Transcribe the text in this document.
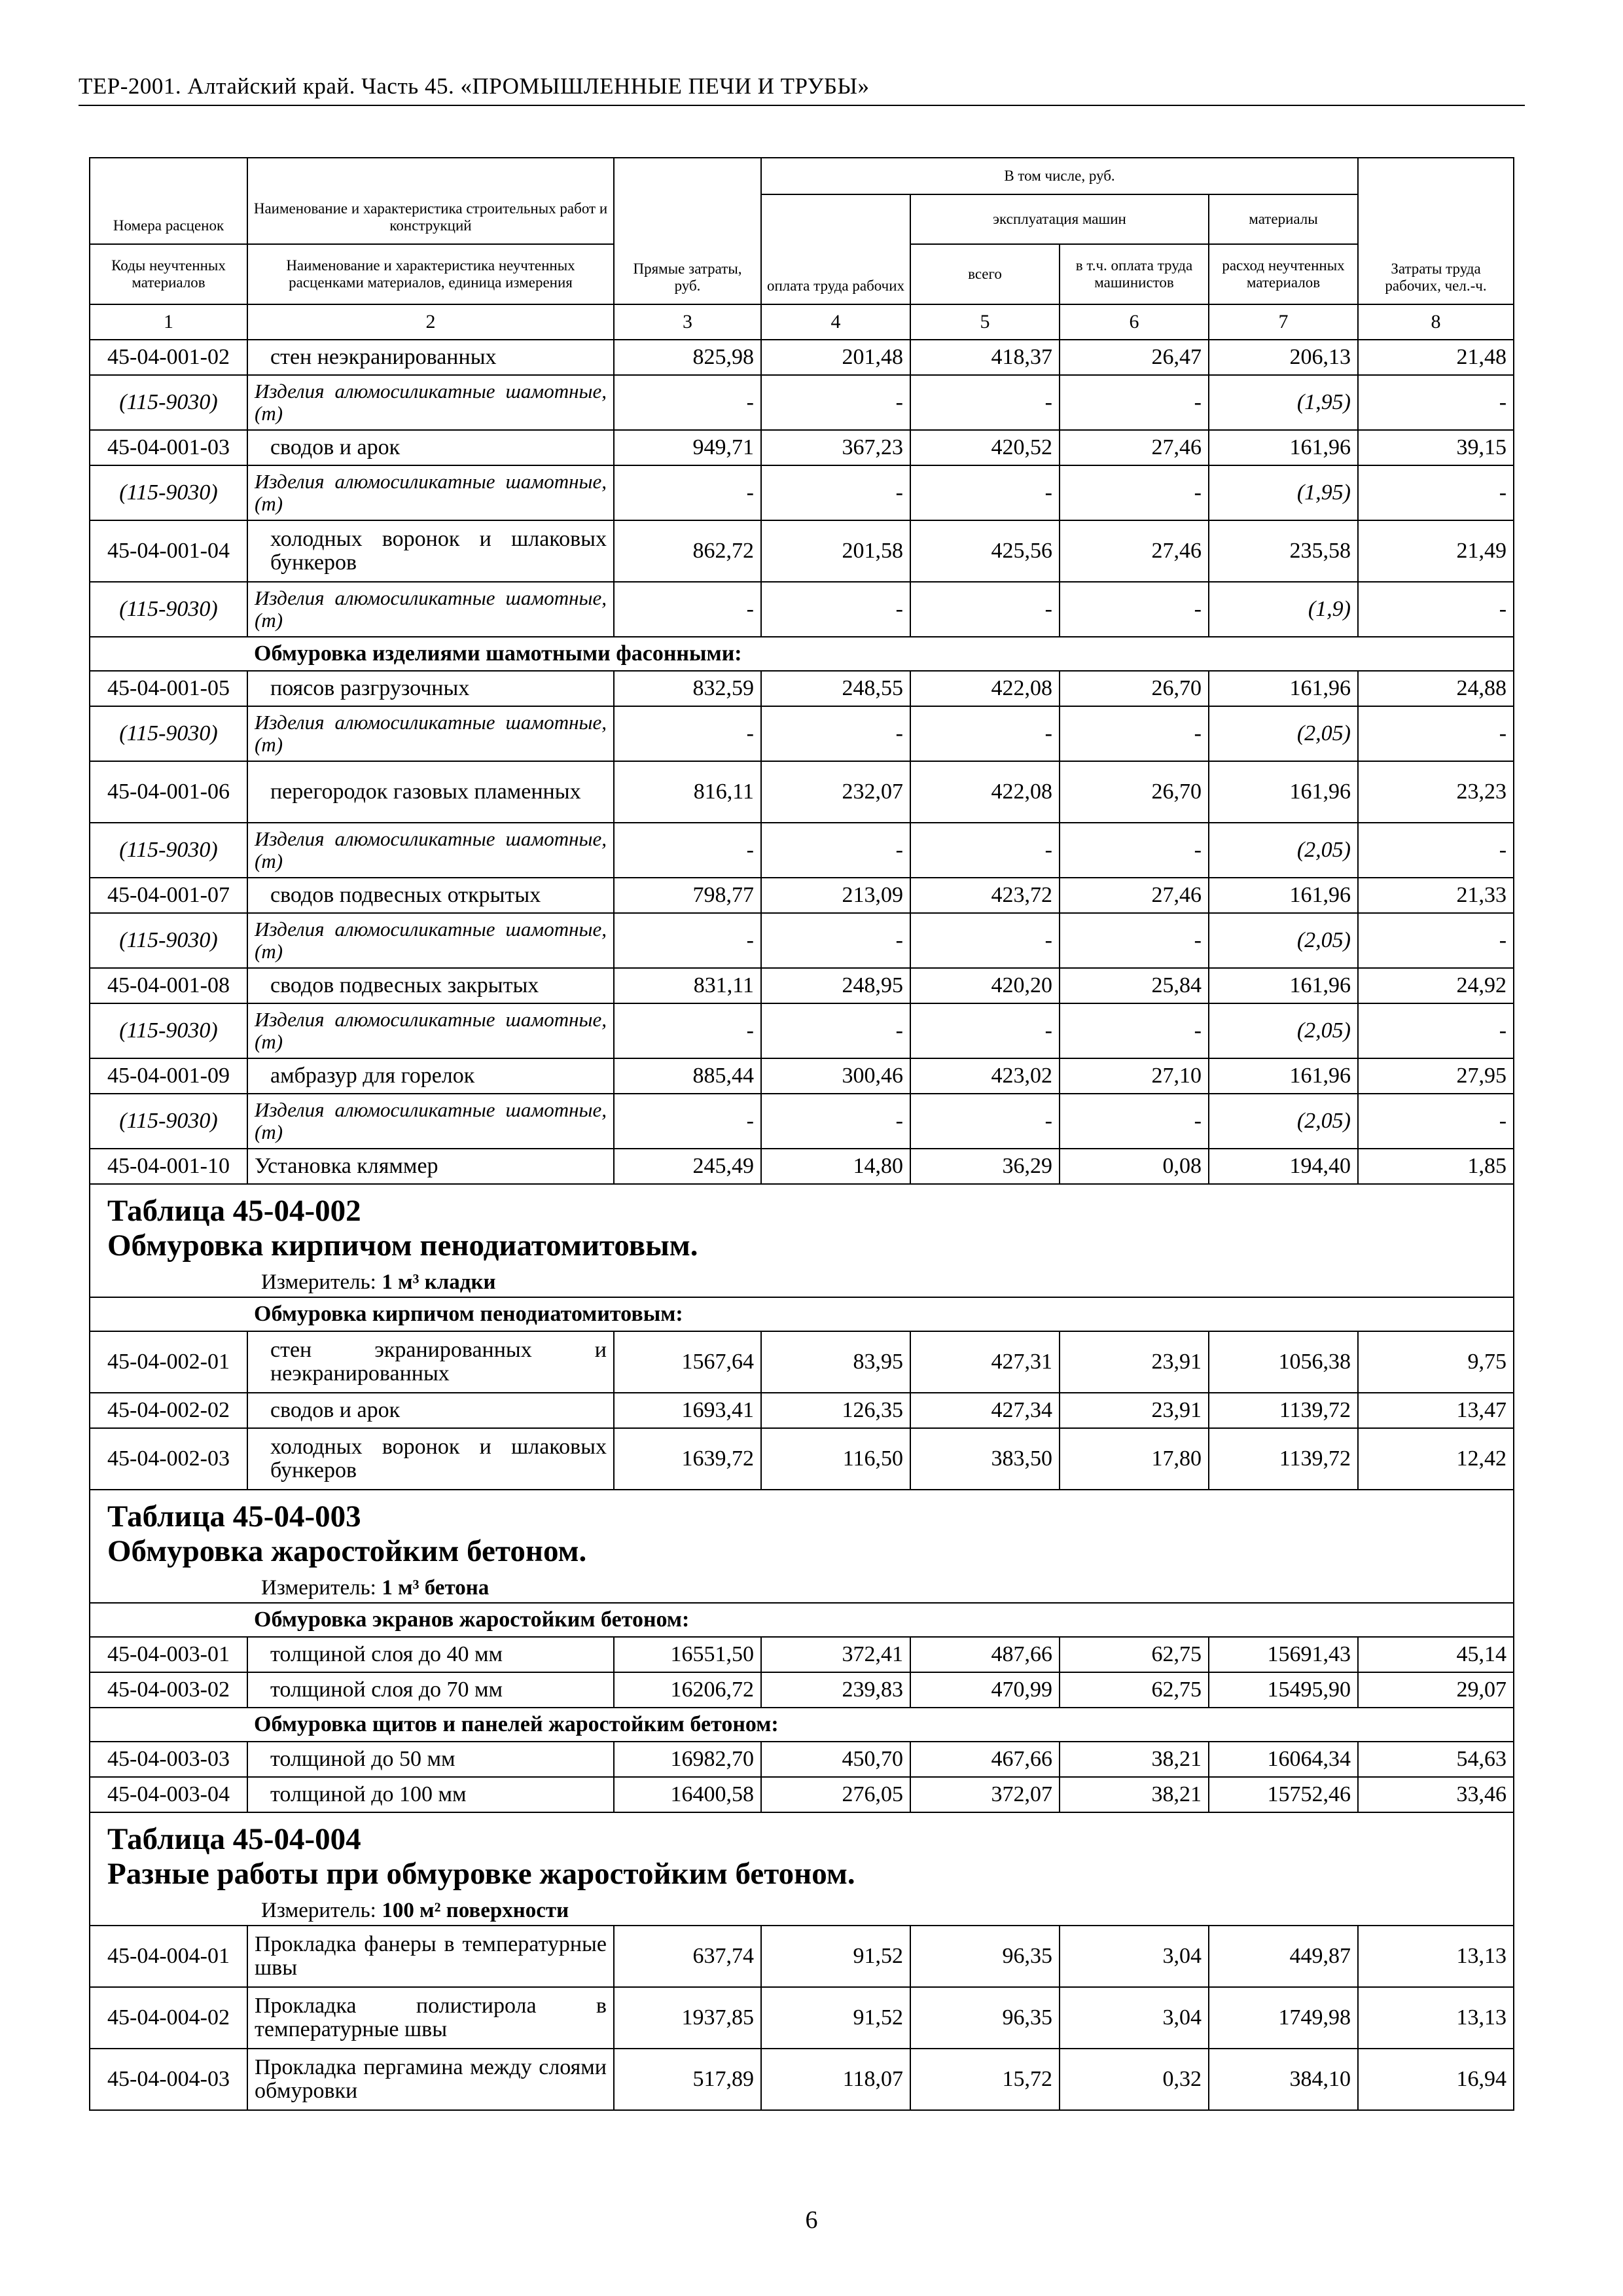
ТЕР-2001. Алтайский край. Часть 45. «ПРОМЫШЛЕННЫЕ ПЕЧИ И ТРУБЫ»
Номера расценок	Наименование и характеристика строительных работ и конструкций	Прямые затраты, руб.	В том числе, руб.				Затраты труда рабочих, чел.-ч.
			оплата труда рабочих	эксплуатация машин		материалы	
Коды неучтенных материалов	Наименование и характеристика неучтенных расценками материалов, единица измерения			всего	в т.ч. оплата труда машинистов	расход неучтенных материалов	
1	2	3	4	5	6	7	8
45-04-001-02	стен неэкранированных	825,98	201,48	418,37	26,47	206,13	21,48
(115-9030)	Изделия алюмосиликатные шамотные, (т)	-	-	-	-	(1,95)	-
45-04-001-03	сводов и арок	949,71	367,23	420,52	27,46	161,96	39,15
(115-9030)	Изделия алюмосиликатные шамотные, (т)	-	-	-	-	(1,95)	-
45-04-001-04	холодных воронок и шлаковых бункеров	862,72	201,58	425,56	27,46	235,58	21,49
(115-9030)	Изделия алюмосиликатные шамотные, (т)	-	-	-	-	(1,9)	-
	Обмуровка изделиями шамотными фасонными:						
45-04-001-05	поясов разгрузочных	832,59	248,55	422,08	26,70	161,96	24,88
(115-9030)	Изделия алюмосиликатные шамотные, (т)	-	-	-	-	(2,05)	-
45-04-001-06	перегородок газовых пламенных	816,11	232,07	422,08	26,70	161,96	23,23
(115-9030)	Изделия алюмосиликатные шамотные, (т)	-	-	-	-	(2,05)	-
45-04-001-07	сводов подвесных открытых	798,77	213,09	423,72	27,46	161,96	21,33
(115-9030)	Изделия алюмосиликатные шамотные, (т)	-	-	-	-	(2,05)	-
45-04-001-08	сводов подвесных закрытых	831,11	248,95	420,20	25,84	161,96	24,92
(115-9030)	Изделия алюмосиликатные шамотные, (т)	-	-	-	-	(2,05)	-
45-04-001-09	амбразур для горелок	885,44	300,46	423,02	27,10	161,96	27,95
(115-9030)	Изделия алюмосиликатные шамотные, (т)	-	-	-	-	(2,05)	-
45-04-001-10	Установка кляммер	245,49	14,80	36,29	0,08	194,40	1,85
Таблица 45-04-002Обмуровка кирпичом пенодиатомитовым.							
Измеритель: 1 м³ кладки							
	Обмуровка кирпичом пенодиатомитовым:						
45-04-002-01	стен экранированных и неэкранированных	1567,64	83,95	427,31	23,91	1056,38	9,75
45-04-002-02	сводов и арок	1693,41	126,35	427,34	23,91	1139,72	13,47
45-04-002-03	холодных воронок и шлаковых бункеров	1639,72	116,50	383,50	17,80	1139,72	12,42
Таблица 45-04-003Обмуровка жаростойким бетоном.							
Измеритель: 1 м³ бетона							
	Обмуровка экранов жаростойким бетоном:						
45-04-003-01	толщиной слоя до 40 мм	16551,50	372,41	487,66	62,75	15691,43	45,14
45-04-003-02	толщиной слоя до 70 мм	16206,72	239,83	470,99	62,75	15495,90	29,07
	Обмуровка щитов и панелей жаростойким бетоном:						
45-04-003-03	толщиной до 50 мм	16982,70	450,70	467,66	38,21	16064,34	54,63
45-04-003-04	толщиной до 100 мм	16400,58	276,05	372,07	38,21	15752,46	33,46
Таблица 45-04-004Разные работы при обмуровке жаростойким бетоном.							
Измеритель: 100 м² поверхности							
45-04-004-01	Прокладка фанеры в температурные швы	637,74	91,52	96,35	3,04	449,87	13,13
45-04-004-02	Прокладка полистирола в температурные швы	1937,85	91,52	96,35	3,04	1749,98	13,13
45-04-004-03	Прокладка пергамина между слоями обмуровки	517,89	118,07	15,72	0,32	384,10	16,94
6
